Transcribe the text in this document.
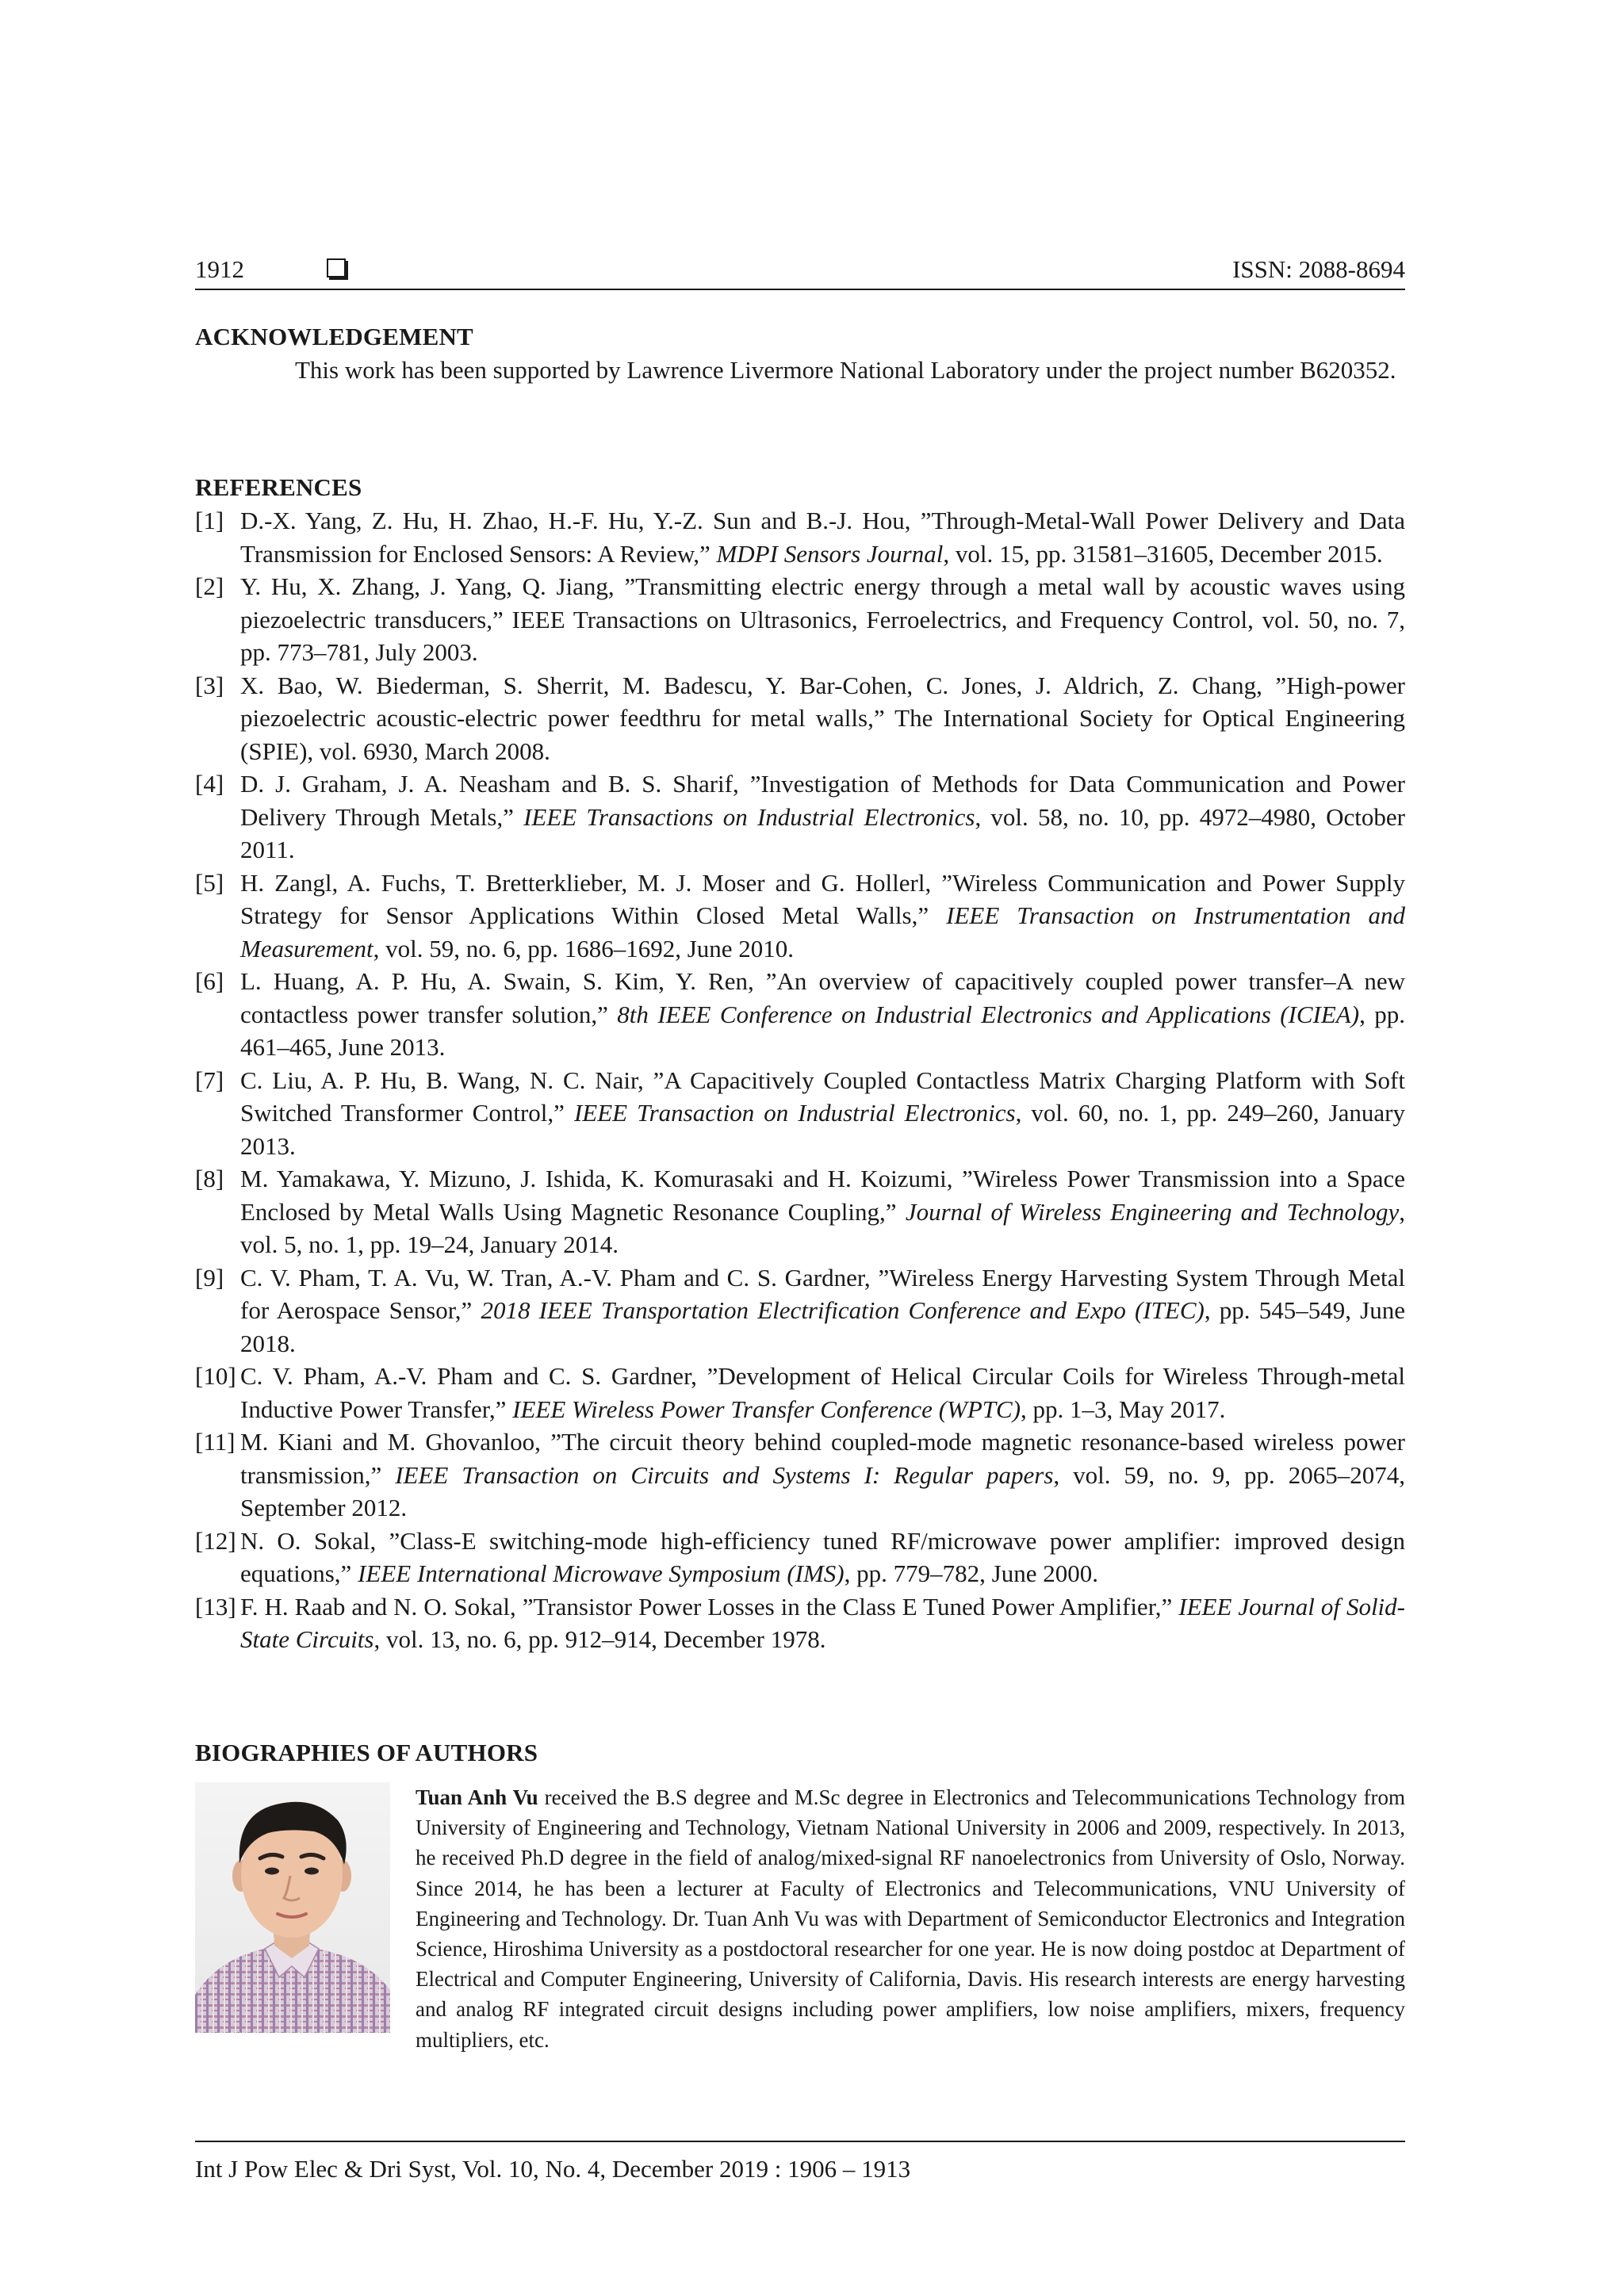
1912	ISSN: 2088-8694
ACKNOWLEDGEMENT

This work has been supported by Lawrence Livermore National Laboratory under the project number B620352.

REFERENCES
[1] D.-X. Yang, Z. Hu, H. Zhao, H.-F. Hu, Y.-Z. Sun and B.-J. Hou, ”Through-Metal-Wall Power Delivery and Data Transmission for Enclosed Sensors: A Review,” MDPI Sensors Journal, vol. 15, pp. 31581–31605, December 2015.
[2] Y. Hu, X. Zhang, J. Yang, Q. Jiang, ”Transmitting electric energy through a metal wall by acoustic waves using piezoelectric transducers,” IEEE Transactions on Ultrasonics, Ferroelectrics, and Frequency Control, vol. 50, no. 7, pp. 773–781, July 2003.
[3] X. Bao, W. Biederman, S. Sherrit, M. Badescu, Y. Bar-Cohen, C. Jones, J. Aldrich, Z. Chang, ”High-power piezoelectric acoustic-electric power feedthru for metal walls,” The International Society for Optical Engineering (SPIE), vol. 6930, March 2008.
[4] D. J. Graham, J. A. Neasham and B. S. Sharif, ”Investigation of Methods for Data Communication and Power Delivery Through Metals,” IEEE Transactions on Industrial Electronics, vol. 58, no. 10, pp. 4972–4980, October 2011.
[5] H. Zangl, A. Fuchs, T. Bretterklieber, M. J. Moser and G. Hollerl, ”Wireless Communication and Power Supply Strategy for Sensor Applications Within Closed Metal Walls,” IEEE Transaction on Instrumentation and Measurement, vol. 59, no. 6, pp. 1686–1692, June 2010.
[6] L. Huang, A. P. Hu, A. Swain, S. Kim, Y. Ren, ”An overview of capacitively coupled power transfer–A new contactless power transfer solution,” 8th IEEE Conference on Industrial Electronics and Applications (ICIEA), pp. 461–465, June 2013.
[7] C. Liu, A. P. Hu, B. Wang, N. C. Nair, ”A Capacitively Coupled Contactless Matrix Charging Platform with Soft Switched Transformer Control,” IEEE Transaction on Industrial Electronics, vol. 60, no. 1, pp. 249–260, January 2013.
[8] M. Yamakawa, Y. Mizuno, J. Ishida, K. Komurasaki and H. Koizumi, ”Wireless Power Transmission into a Space Enclosed by Metal Walls Using Magnetic Resonance Coupling,” Journal of Wireless Engineering and Technology, vol. 5, no. 1, pp. 19–24, January 2014.
[9] C. V. Pham, T. A. Vu, W. Tran, A.-V. Pham and C. S. Gardner, ”Wireless Energy Harvesting System Through Metal for Aerospace Sensor,” 2018 IEEE Transportation Electrification Conference and Expo (ITEC), pp. 545–549, June 2018.
[10] C. V. Pham, A.-V. Pham and C. S. Gardner, ”Development of Helical Circular Coils for Wireless Through-metal Inductive Power Transfer,” IEEE Wireless Power Transfer Conference (WPTC), pp. 1–3, May 2017.
[11] M. Kiani and M. Ghovanloo, ”The circuit theory behind coupled-mode magnetic resonance-based wireless power transmission,” IEEE Transaction on Circuits and Systems I: Regular papers, vol. 59, no. 9, pp. 2065–2074, September 2012.
[12] N. O. Sokal, ”Class-E switching-mode high-efficiency tuned RF/microwave power amplifier: improved design equations,” IEEE International Microwave Symposium (IMS), pp. 779–782, June 2000.
[13] F. H. Raab and N. O. Sokal, ”Transistor Power Losses in the Class E Tuned Power Amplifier,” IEEE Journal of Solid-State Circuits, vol. 13, no. 6, pp. 912–914, December 1978.
BIOGRAPHIES OF AUTHORS

Tuan Anh Vu received the B.S degree and M.Sc degree in Electronics and Telecommunications Technology from University of Engineering and Technology, Vietnam National University in 2006 and 2009, respectively. In 2013, he received Ph.D degree in the field of analog/mixed-signal RF nanoelectronics from University of Oslo, Norway. Since 2014, he has been a lecturer at Faculty of Electronics and Telecommunications, VNU University of Engineering and Technology. Dr. Tuan Anh Vu was with Department of Semiconductor Electronics and Integration Science, Hiroshima University as a postdoctoral researcher for one year. He is now doing postdoc at Department of Electrical and Computer Engineering, University of California, Davis. His research interests are energy harvesting and analog RF integrated circuit designs including power amplifiers, low noise amplifiers, mixers, frequency multipliers, etc.

Int J Pow Elec & Dri Syst, Vol. 10, No. 4, December 2019 : 1906 – 1913
